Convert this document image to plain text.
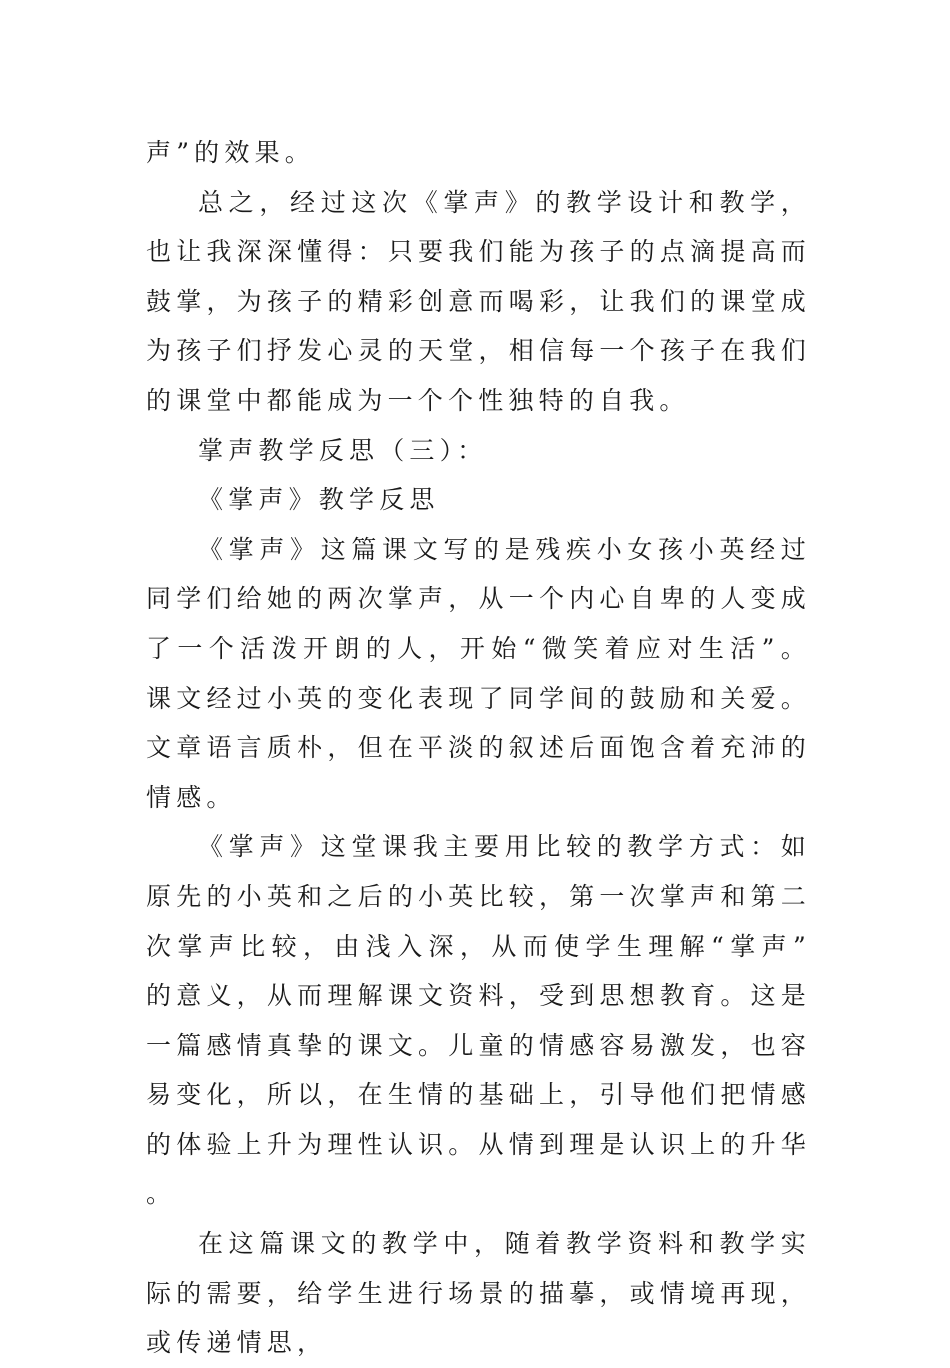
声”的效果。

总之，经过这次《掌声》的教学设计和教学，也让我深深懂得：只要我们能为孩子的点滴提高而鼓掌，为孩子的精彩创意而喝彩，让我们的课堂成为孩子们抒发心灵的天堂，相信每一个孩子在我们的课堂中都能成为一个个性独特的自我。

掌声教学反思（三）：

《掌声》教学反思

《掌声》这篇课文写的是残疾小女孩小英经过同学们给她的两次掌声，从一个内心自卑的人变成了一个活泼开朗的人，开始“微笑着应对生活”。课文经过小英的变化表现了同学间的鼓励和关爱。文章语言质朴，但在平淡的叙述后面饱含着充沛的情感。

《掌声》这堂课我主要用比较的教学方式：如原先的小英和之后的小英比较，第一次掌声和第二次掌声比较，由浅入深，从而使学生理解“掌声”的意义，从而理解课文资料，受到思想教育。这是一篇感情真挚的课文。儿童的情感容易激发，也容易变化，所以，在生情的基础上，引导他们把情感的体验上升为理性认识。从情到理是认识上的升华。

在这篇课文的教学中，随着教学资料和教学实际的需要，给学生进行场景的描摹，或情境再现，或传递情思，
